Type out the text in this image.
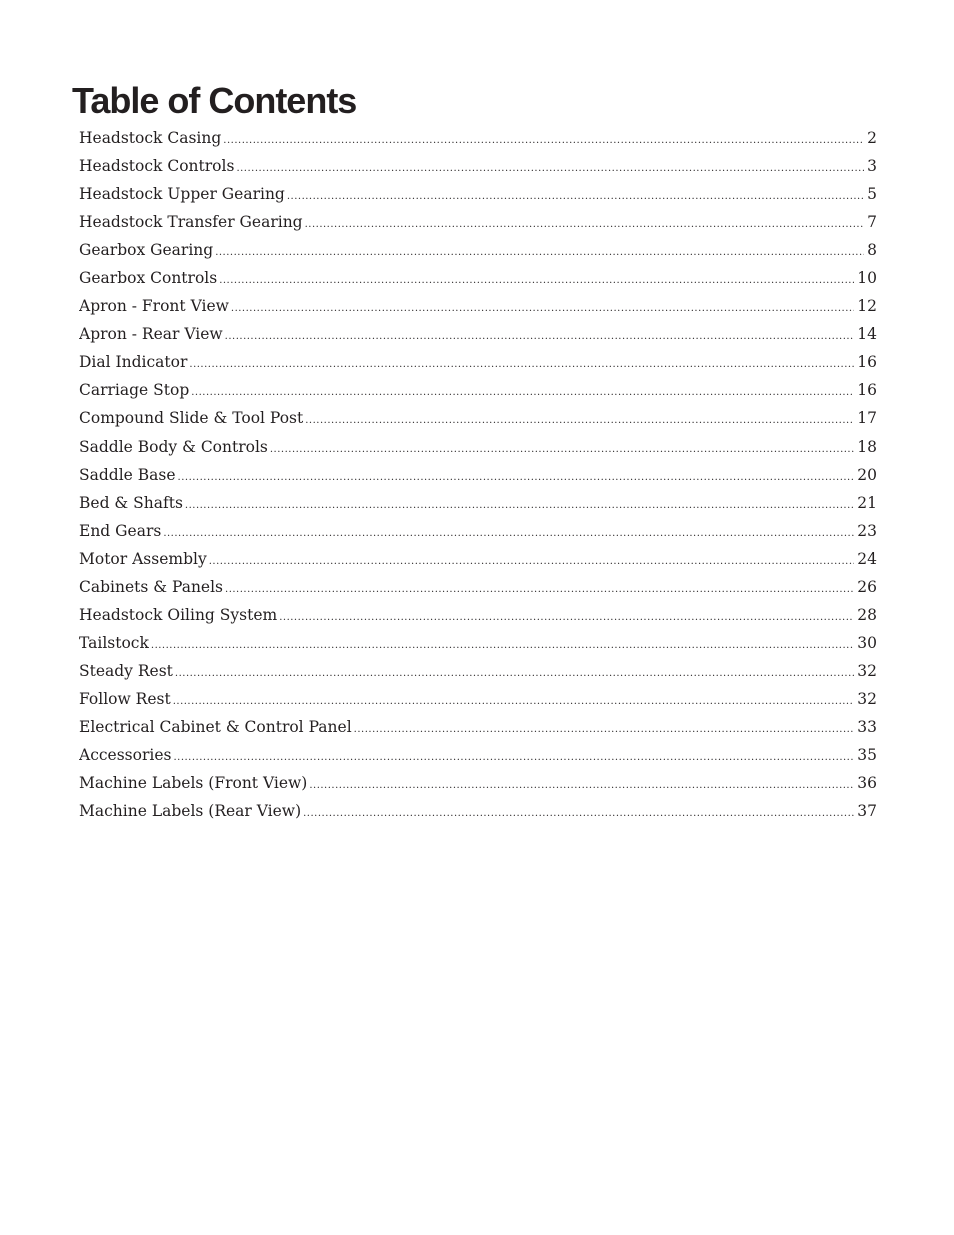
Table of Contents
Headstock Casing .....	2
Headstock Controls .....	3
Headstock Upper Gearing .....	5
Headstock Transfer Gearing .....	7
Gearbox Gearing .....	8
Gearbox Controls .....	10
Apron - Front View .....	12
Apron - Rear View .....	14
Dial Indicator .....	16
Carriage Stop .....	16
Compound Slide & Tool Post .....	17
Saddle Body & Controls .....	18
Saddle Base .....	20
Bed & Shafts .....	21
End Gears .....	23
Motor Assembly .....	24
Cabinets & Panels .....	26
Headstock Oiling System .....	28
Tailstock .....	30
Steady Rest .....	32
Follow Rest .....	32
Electrical Cabinet & Control Panel .....	33
Accessories .....	35
Machine Labels (Front View) .....	36
Machine Labels (Rear View) .....	37
